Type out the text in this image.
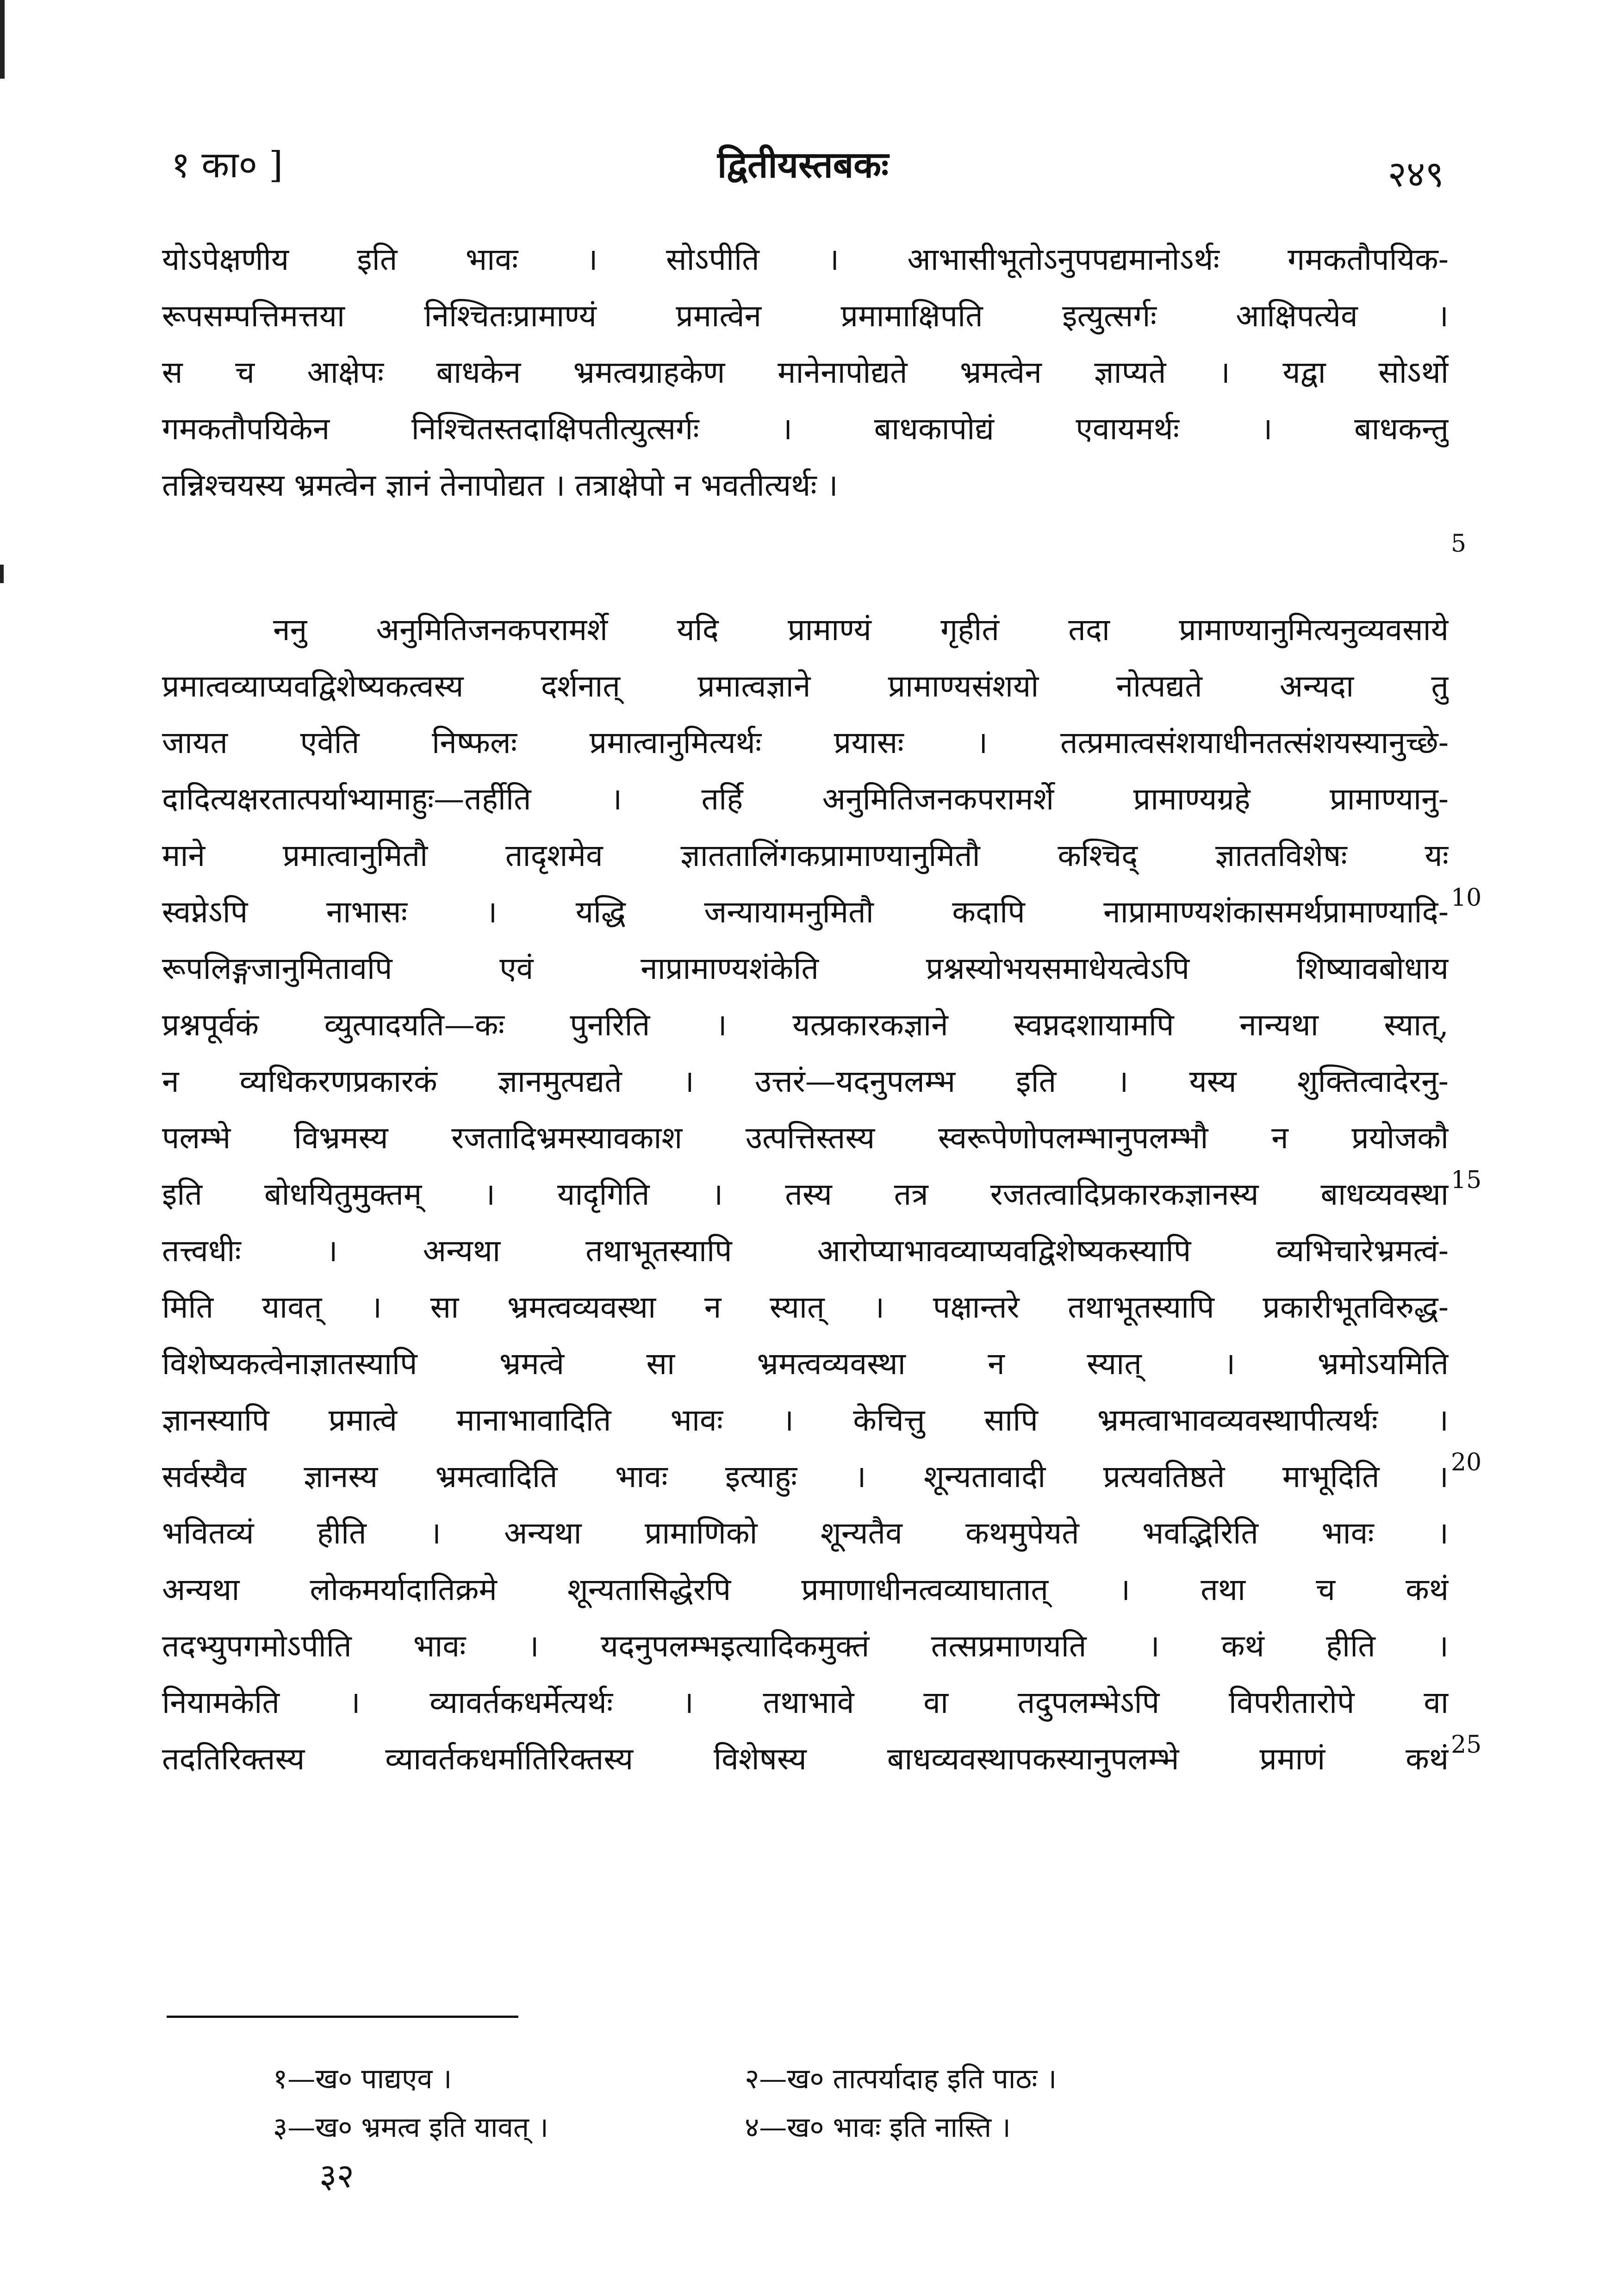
१ का० ]	द्वितीयस्तबकः	२४९
यो‍ऽपेक्षणीय इति भावः । सोऽपीति । आभासीभूतोऽनुपपद्यमानोऽर्थः गमकतौपयिक-
रूपसम्पत्तिमत्तया निश्चितःप्रामाण्यं प्रमात्वेन प्रमामाक्षिपति इत्युत्सर्गः आक्षिपत्येव ।
स च आक्षेपः बाधकेन भ्रमत्वग्राहकेण मानेनापोद्यते भ्रमत्वेन ज्ञाप्यते । यद्वा सोऽर्थो
गमकतौपयिकेन निश्चितस्तदाक्षिपतीत्युत्सर्गः । बाधकापोद्यं एवायमर्थः । बाधकन्तु
तन्निश्चयस्य भ्रमत्वेन ज्ञानं तेनापोद्यत । तत्राक्षेपो न भवतीत्यर्थः ।
ननु अनुमितिजनकपरामर्शे यदि प्रामाण्यं गृहीतं तदा प्रामाण्यानुमित्यनुव्यवसाये
प्रमात्वव्याप्यवद्विशेष्यकत्वस्य दर्शनात् प्रमात्वज्ञाने प्रामाण्यसंशयो नोत्पद्यते अन्यदा तु
जायत एवेति निष्फलः प्रमात्वानुमित्यर्थः प्रयासः । तत्प्रमात्वसंशयाधीनतत्संशयस्यानुच्छे-
दादित्यक्षरतात्पर्याभ्यामाहुः—तर्हीति । तर्हि अनुमितिजनकपरामर्शे प्रामाण्यग्रहे प्रामाण्यानु-
माने प्रमात्वानुमितौ तादृशमेव ज्ञाततालिंगकप्रामाण्यानुमितौ कश्चिद् ज्ञाततविशेषः यः
स्वप्नेऽपि नाभासः । यद्धि जन्यायामनुमितौ कदापि नाप्रामाण्यशंकासमर्थप्रामाण्यादि-
रूपलिङ्गजानुमितावपि एवं नाप्रामाण्यशंकेति प्रश्नस्योभयसमाधेयत्वेऽपि शिष्यावबोधाय
प्रश्नपूर्वकं व्युत्पादयति—कः पुनरिति । यत्प्रकारकज्ञाने स्वप्नदशायामपि नान्यथा स्यात्,
न व्यधिकरणप्रकारकं ज्ञानमुत्पद्यते । उत्तरं—यदनुपलम्भ इति । यस्य शुक्तित्वादेरनु-
पलम्भे विभ्रमस्य रजतादिभ्रमस्यावकाश उत्पत्तिस्तस्य स्वरूपेणोपलम्भानुपलम्भौ न प्रयोजकौ
इति बोधयितुमुक्तम् । यादृगिति । तस्य तत्र रजतत्वादिप्रकारकज्ञानस्य बाधव्यवस्था
तत्त्वधीः । अन्यथा तथाभूतस्यापि आरोप्याभावव्याप्यवद्विशेष्यकस्यापि व्यभिचारेभ्रमत्वं-
मिति यावत् । सा भ्रमत्वव्यवस्था न स्यात् । पक्षान्तरे तथाभूतस्यापि प्रकारीभूतविरुद्ध-
विशेष्यकत्वेनाज्ञातस्यापि भ्रमत्वे सा भ्रमत्वव्यवस्था न स्यात् । भ्रमोऽयमिति
ज्ञानस्यापि प्रमात्वे मानाभावादिति भावः । केचित्तु सापि भ्रमत्वाभावव्यवस्थापीत्यर्थः ।
सर्वस्यैव ज्ञानस्य भ्रमत्वादिति भावः इत्याहुः । शून्यतावादी प्रत्यवतिष्ठते माभूदिति ।
भवितव्यं हीति । अन्यथा प्रामाणिको शून्यतैव कथमुपेयते भवद्भिरिति भावः ।
अन्यथा लोकमर्यादातिक्रमे शून्यतासिद्धेरपि प्रमाणाधीनत्वव्याघातात् । तथा च कथं
तदभ्युपगमोऽपीति भावः । यदनुपलम्भइत्यादिकमुक्तं तत्सप्रमाणयति । कथं हीति ।
नियामकेति । व्यावर्तकधर्मेत्यर्थः । तथाभावे वा तदुपलम्भेऽपि विपरीतारोपे वा
तदतिरिक्तस्य व्यावर्तकधर्मातिरिक्तस्य विशेषस्य बाधव्यवस्थापकस्यानुपलम्भे प्रमाणं कथं
5
10
15
20
25
१—ख० पाद्यएव ।	२—ख० तात्पर्यादाह इति पाठः ।
३—ख० भ्रमत्व इति यावत् ।	४—ख० भावः इति नास्ति ।
३२
